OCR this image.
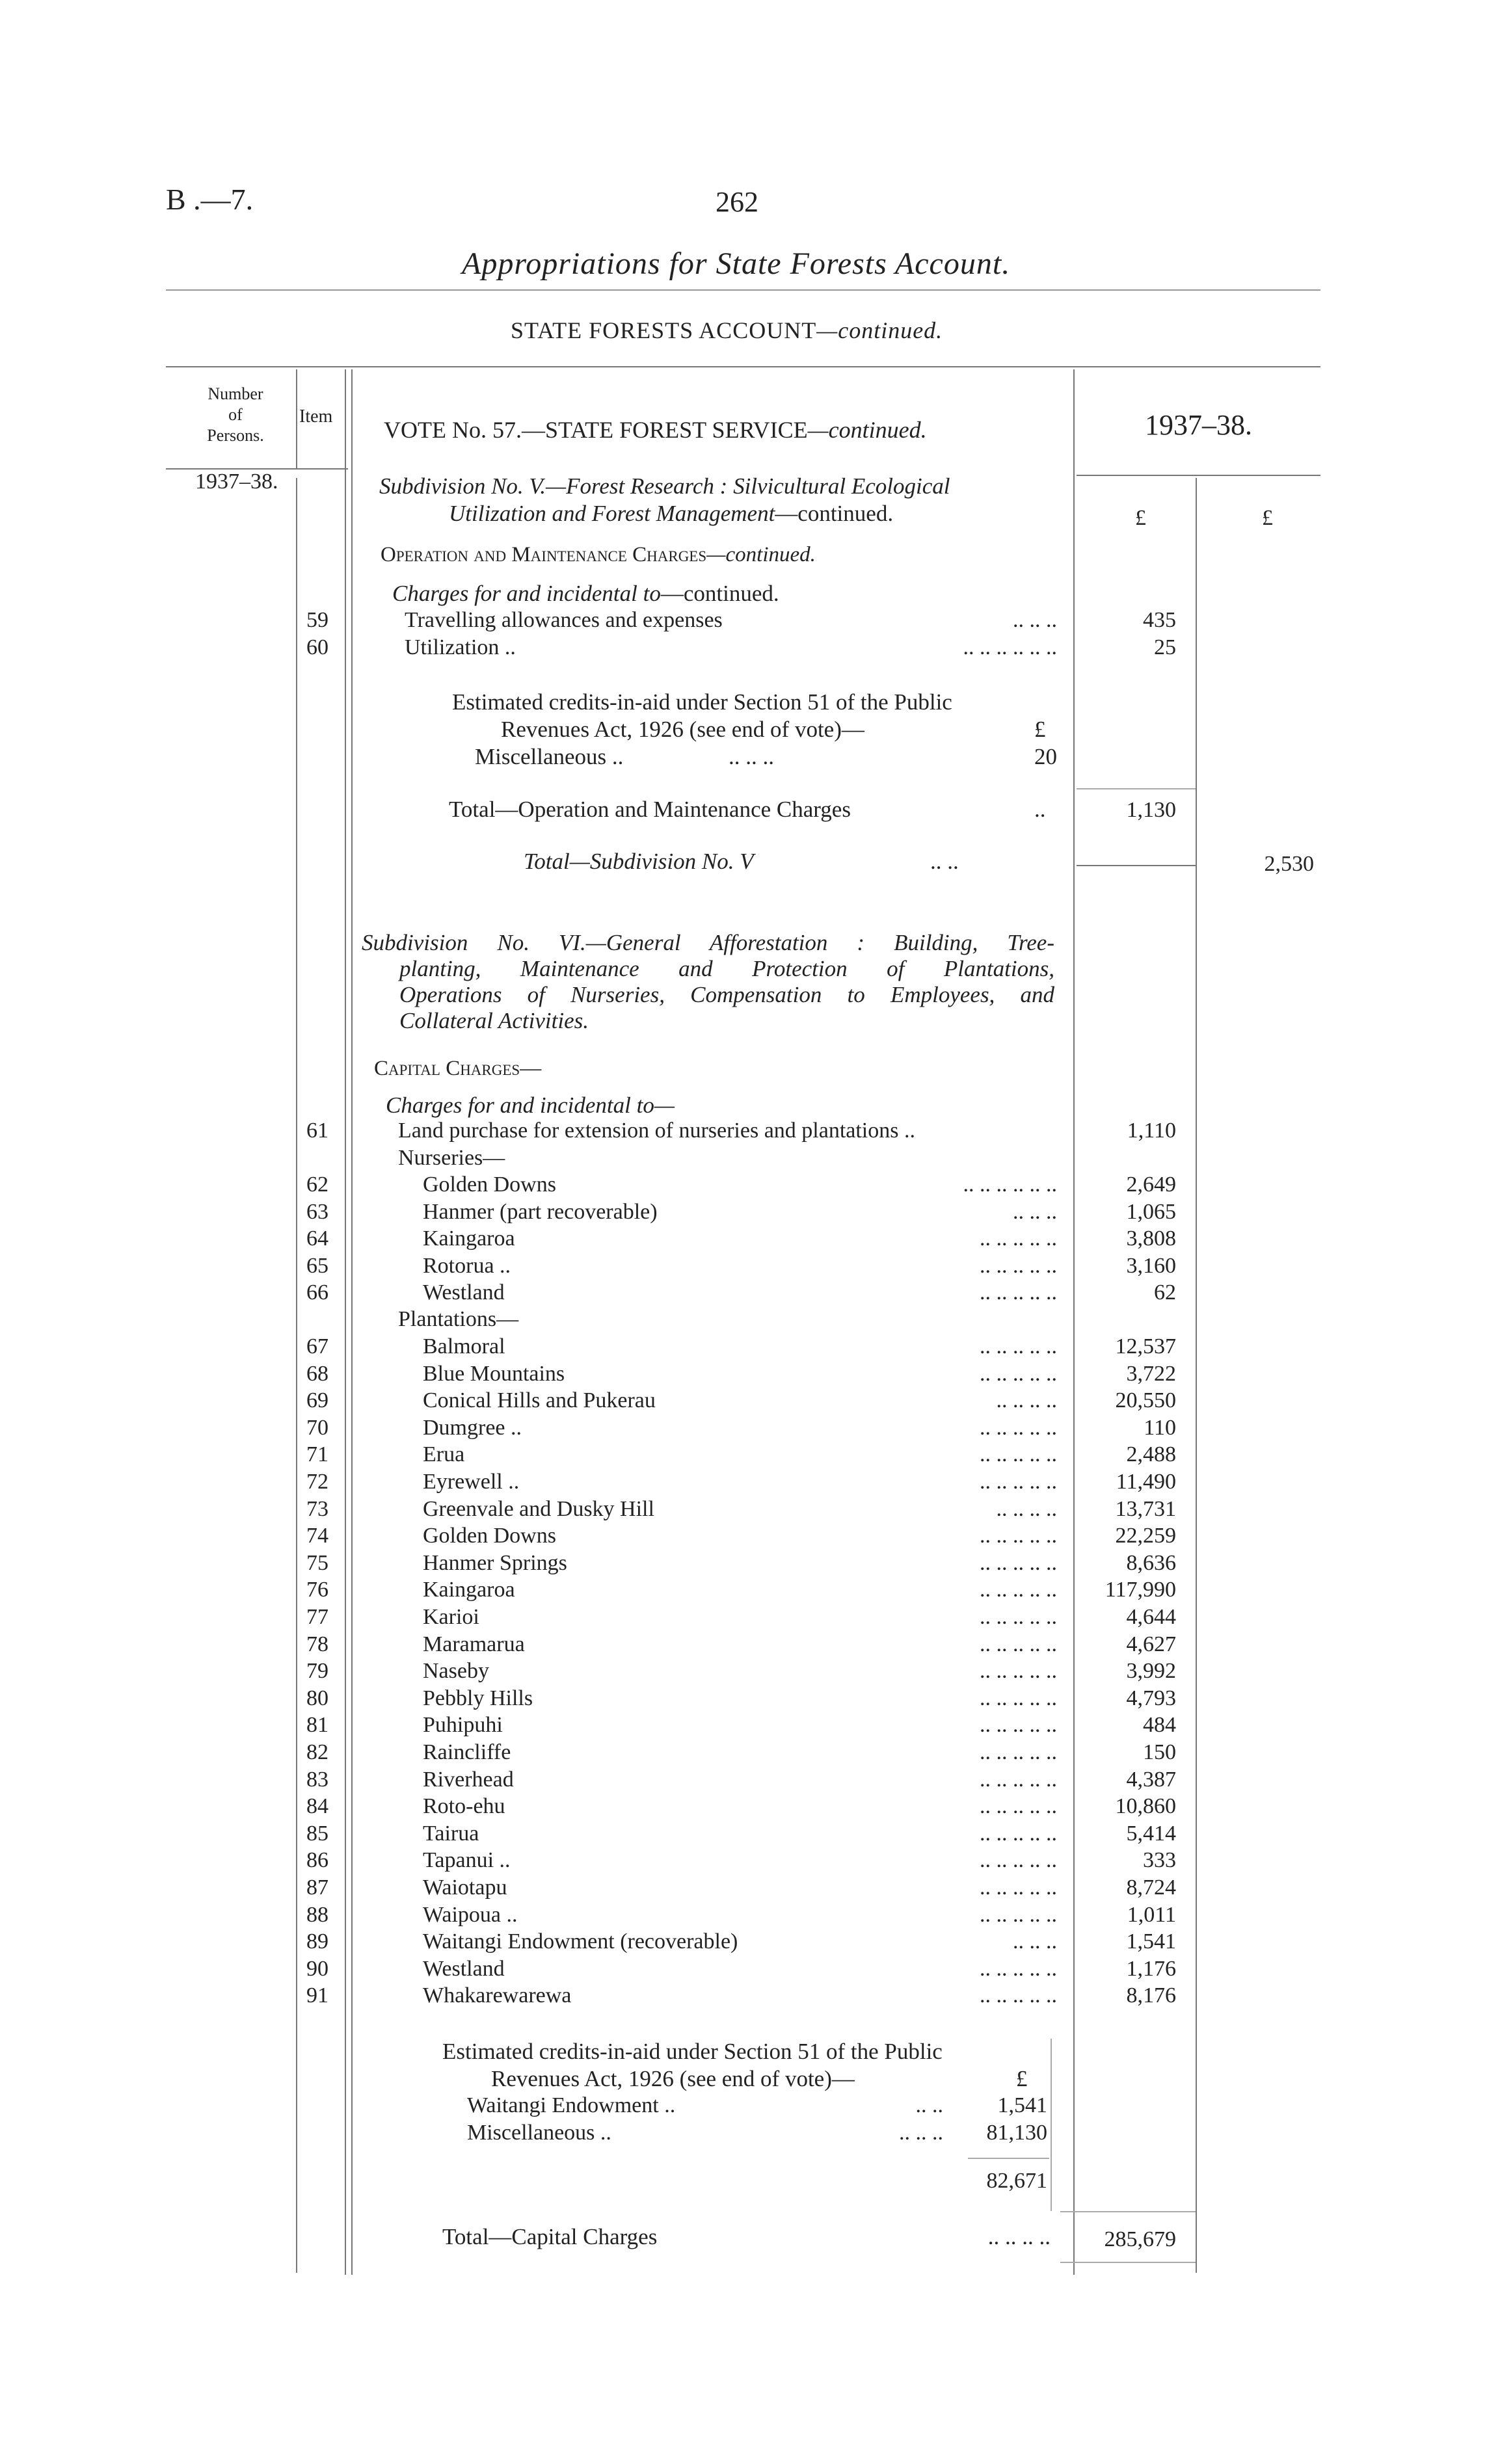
B .—7.	262
Appropriations for State Forests Account.
STATE FORESTS ACCOUNT—continued.
Number
of
Persons.
Item
VOTE No. 57.—STATE FOREST SERVICE—continued.	1937–38.
1937–38.
£	£
Subdivision No. V.—Forest Research : Silvicultural Ecological
Utilization and Forest Management—continued.
Operation and Maintenance Charges—continued.
Charges for and incidental to—continued.
59	Travelling allowances and expenses	.. .. ..	435
60	Utilization ..	.. .. .. .. .. ..	25
Estimated credits-in-aid under Section 51 of the Public
Revenues Act, 1926 (see end of vote)—	£
Miscellaneous ..	.. .. ..	20
Total—Operation and Maintenance Charges	..	1,130
Total—Subdivision No. V	.. ..	2,530
Subdivision No. VI.—General Afforestation : Building, Tree-
planting, Maintenance and Protection of Plantations,
Operations of Nurseries, Compensation to Employees, and
Collateral Activities.
Capital Charges—
Charges for and incidental to—
61	Land purchase for extension of nurseries and plantations ..	1,110
Nurseries—
62	Golden Downs	.. .. .. .. .. ..	2,649
63	Hanmer (part recoverable)	.. .. ..	1,065
64	Kaingaroa	.. .. .. .. ..	3,808
65	Rotorua ..	.. .. .. .. ..	3,160
66	Westland	.. .. .. .. ..	62
Plantations—
67	Balmoral	.. .. .. .. ..	12,537
68	Blue Mountains	.. .. .. .. ..	3,722
69	Conical Hills and Pukerau	.. .. .. ..	20,550
70	Dumgree ..	.. .. .. .. ..	110
71	Erua	.. .. .. .. ..	2,488
72	Eyrewell ..	.. .. .. .. ..	11,490
73	Greenvale and Dusky Hill	.. .. .. ..	13,731
74	Golden Downs	.. .. .. .. ..	22,259
75	Hanmer Springs	.. .. .. .. ..	8,636
76	Kaingaroa	.. .. .. .. ..	117,990
77	Karioi	.. .. .. .. ..	4,644
78	Maramarua	.. .. .. .. ..	4,627
79	Naseby	.. .. .. .. ..	3,992
80	Pebbly Hills	.. .. .. .. ..	4,793
81	Puhipuhi	.. .. .. .. ..	484
82	Raincliffe	.. .. .. .. ..	150
83	Riverhead	.. .. .. .. ..	4,387
84	Roto-ehu	.. .. .. .. ..	10,860
85	Tairua	.. .. .. .. ..	5,414
86	Tapanui ..	.. .. .. .. ..	333
87	Waiotapu	.. .. .. .. ..	8,724
88	Waipoua ..	.. .. .. .. ..	1,011
89	Waitangi Endowment (recoverable)	.. .. ..	1,541
90	Westland	.. .. .. .. ..	1,176
91	Whakarewarewa	.. .. .. .. ..	8,176
Estimated credits-in-aid under Section 51 of the Public
Revenues Act, 1926 (see end of vote)—	£
Waitangi Endowment ..	.. ..	1,541
Miscellaneous ..	.. .. ..	81,130
82,671
Total—Capital Charges	.. .. .. ..	285,679
